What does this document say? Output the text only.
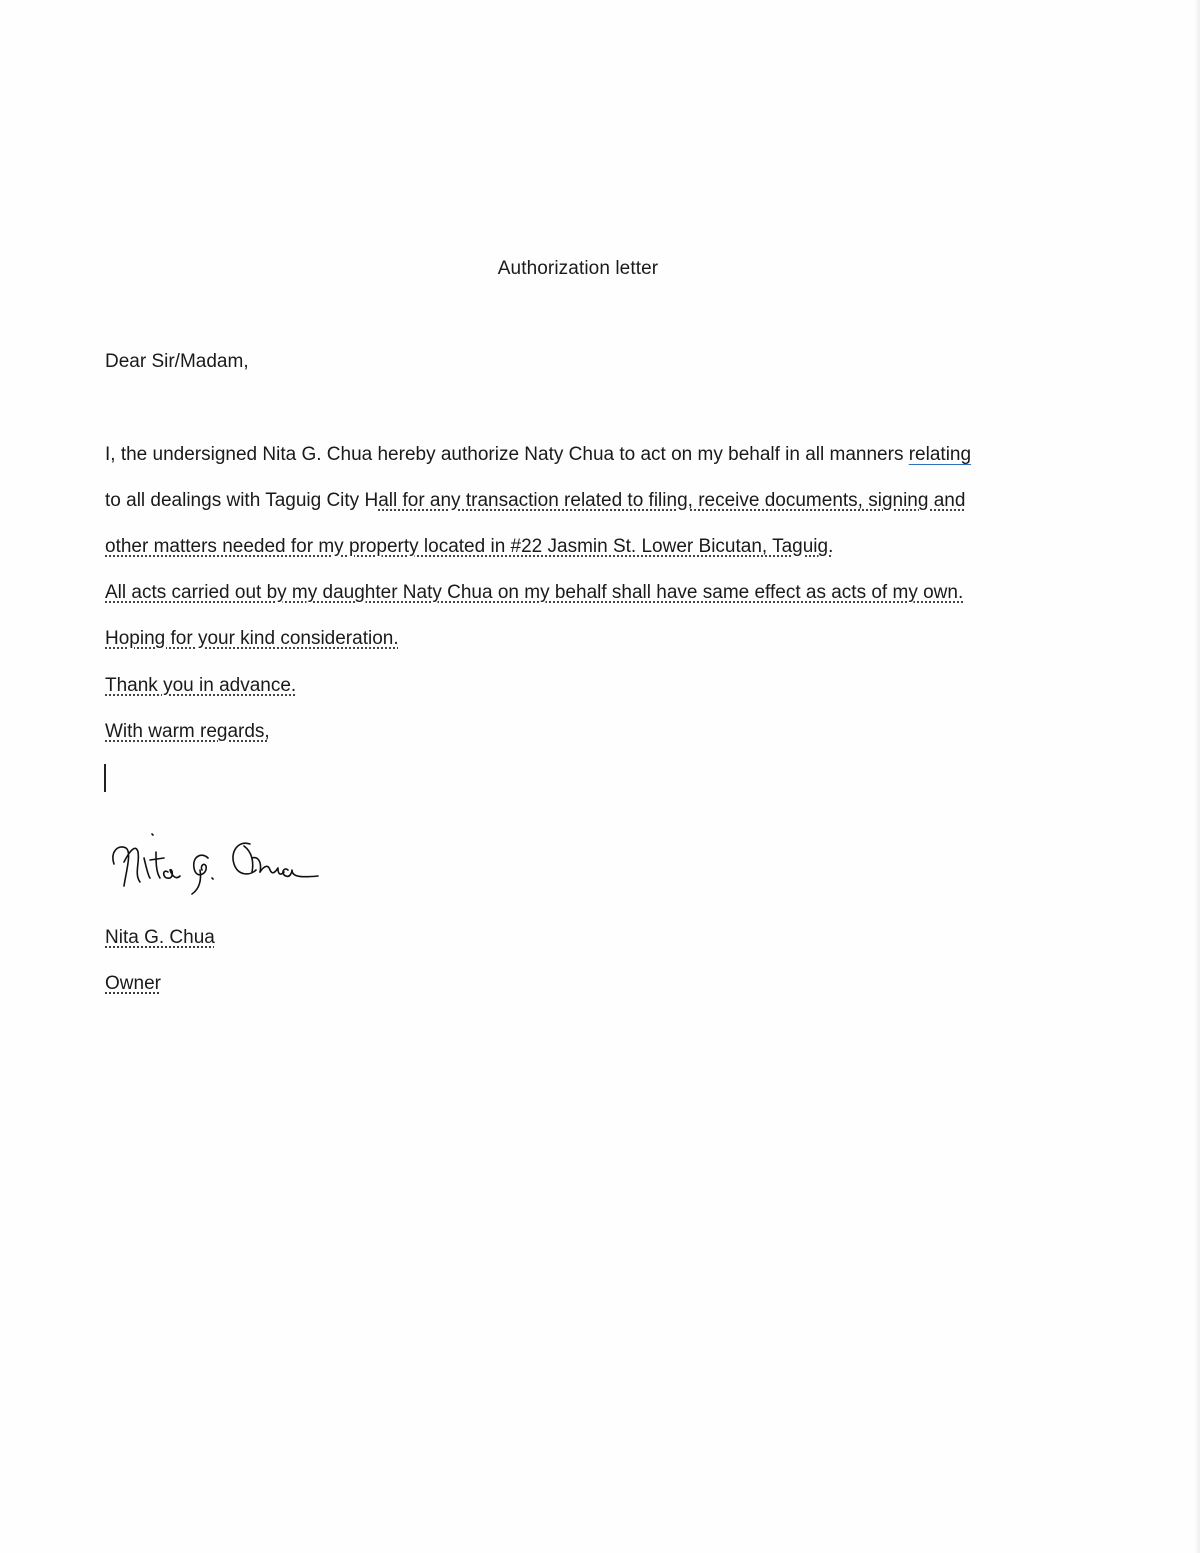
Authorization letter
Dear Sir/Madam,
I, the undersigned Nita G. Chua hereby authorize Naty Chua to act on my behalf in all manners relating
to all dealings with Taguig City Hall for any transaction related to filing, receive documents, signing and
other matters needed for my property located in #22 Jasmin St. Lower Bicutan, Taguig.
All acts carried out by my daughter Naty Chua on my behalf shall have same effect as acts of my own.
Hoping for your kind consideration.
Thank you in advance.
With warm regards,
Nita G. Chua
Owner
